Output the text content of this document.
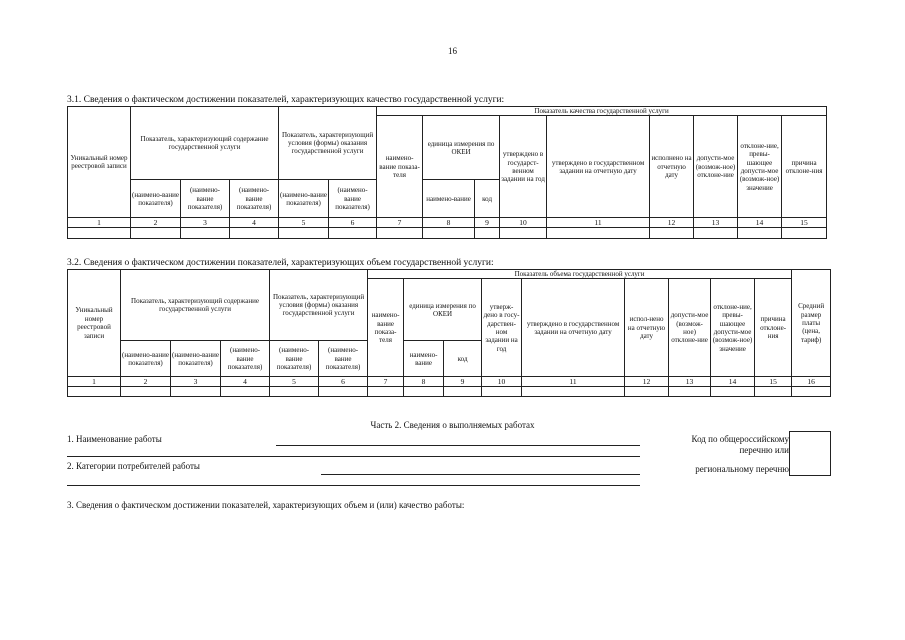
16
3.1. Сведения о фактическом достижении показателей, характеризующих качество государственной услуги:
Уникальный номер реестровой записи	Показатель, характеризующий содержание государственной услуги			Показатель, характеризующий условия (формы) оказания государственной услуги		Показатель качества государственной услуги								
						наимено-вание показа-теля	единица измерения по ОКЕИ		утверждено в государст-венном задании на год	утверждено в государственном задании на отчетную дату	исполнено на отчетную дату	допусти-мое (возмож-ное) отклоне-ние	отклоне-ние, превы-шающее допусти-мое (возмож-ное) значение	причина отклоне-ния

	(наимено-вание показателя)	(наимено-вание показателя)	(наимено-вание показателя)	(наимено-вание показателя)	(наимено-вание показателя)		наимено-вание	код						
1	2	3	4	5	6	7	8	9	10	11	12	13	14	15

3.2. Сведения о фактическом достижении показателей, характеризующих объем государственной услуги:
Уникальный номер реестровой записи	Показатель, характеризующий содержание государственной услуги			Показатель, характеризующий условия (формы) оказания государственной услуги		Показатель объема государственной услуги									Средний размер платы (цена, тариф)
						наимено-вание показа-теля	единица измерения по ОКЕИ		утверж-дено в госу-дарствен-ном задании на год	утверждено в государственном задании на отчетную дату	испол-нено на отчетную дату	допусти-мое (возмож-ное) отклоне-ние	отклоне-ние, превы-шающее допусти-мое (возмож-ное) значение	причина отклоне-ния	

	(наимено-вание показателя)	(наимено-вание показателя)	(наимено-вание показателя)	(наимено-вание показателя)	(наимено-вание показателя)		наимено-вание	код							
1	2	3	4	5	6	7	8	9	10	11	12	13	14	15	16

Часть 2. Сведения о выполняемых работах
1. Наименование работы
2. Категории потребителей работы
Код по общероссийскому
перечню или
региональному перечню
3. Сведения о фактическом достижении показателей, характеризующих объем и (или) качество работы:
